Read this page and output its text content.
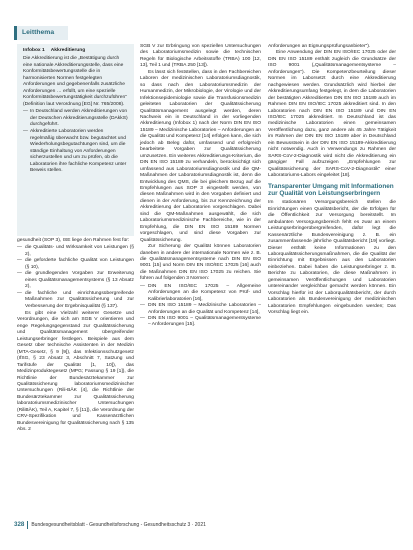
Leitthema
Infobox 1 Akkreditierung

Die Akkreditierung ist die „Bestätigung durch eine nationale Akkreditierungsstelle, dass eine Konformitätsbewertungsstelle die in harmonisierten Normen festgelegten Anforderungen und gegebenenfalls zusätzliche Anforderungen … erfüllt, um eine spezielle Konformitätsbewertungstätigkeit durchzuführen“ (Definition laut Verordnung [EG] Nr. 765/2008).

— In Deutschland werden Akkreditierungen von der Deutschen Akkreditierungsstelle (DAkkS) durchgeführt.
— Akkreditierte Laboratorien werden regelmäßig überwacht bzw. begutachtet und Wiederholungsbegutachtungen sind, um die ständige Einhaltung von Anforderungen sicherzustellen und um zu prüfen, ob die Laboratorien ihre fachliche Kompetenz unter Beweis stellen.

gesundheit (SOP 3), ISE liege den Rahmen fest für:

— die Qualitäts- und Wirksamkeit von Leistungen (§ 2),
— die geforderte fachliche Qualität von Leistungen (§ 10),
— die grundlegenden Vorgaben zur Erweiterung eines Qualitätsmanagementsystems (§ 13 Absatz 2),
— die fachliche und einrichtungsübergreifende Maßnahmen zur Qualitätssicherung und zur Verbesserung der Ergebnisqualität (§ 137).

Es gibt eine Vielzahl weiterer Gesetze und Verordnungen, die sich am SGB V orientieren und enge Regelungsgegenstand zur Qualitätssicherung und Qualitätsmanagement übergreifender Leistungserbringer festlegen. Beispiele aus dem Gesetz über technische Assistenten in der Medizin (MTA-Gesetz, § 9 [9]), das Infektionsschutzgesetz (IfSG, § 23 Absatz 3, Abschnitt 7, Satzung und Tarifstufe der Qualität [1, 10]), das Medizinproduktegesetz (MPG; Fassung § 19 [1]), die Richtlinie der Bundesärztekammer zur Qualitätssicherung laboratoriumsmedizinischer Untersuchungen (Rili-BÄK [4], die Richtlinie der Bundesärztekammer zur Qualitätssicherung laboratoriumsmedizinischer Untersuchungen (RiliBÄK), Teil A, Kapitel 7, § [11]), die Verordnung der CRV-Spezifikation und Kassenärztlichen Bundesvereinigung für Qualitätssicherung nach § 135 Abs. 2

SGB V zur Erbringung von speziellen Untersuchungen des Laboratoriumsmedizin sowie die technischen Regeln für Biologische Arbeitsstoffe (TRBA) 100 [12, 13], Teil 1 und (TRBA 250 [13]).

Es lässt sich feststellen, dass in den Fachbereichen Laboren der medizinischen Laboratoriumsdiagnostik, so dass nach den Laboratoriumsmedizin der Humanmedizin, der Mikrobiologie, der Virologie und der Infektionsepidemiologie sowie die Transfusionsmedizin geleiteten Laboratorien der Qualitätssicherung Qualitätsmanagement ausgelegt werden, deren Nachweis ein in Deutschland in der vorliegenden Akkreditierung (Infobox 1) nach der Norm DIN EN ISO 15189 – Medizinische Laboratorien – Anforderungen an die Qualität und Kompetenz [14] erfolgen kann, die sich jedoch ab Beleg dafür, umfassend und erfolgreich bearbeitete Vorgaben zur Qualitätssicherung umzusetzen. Ein weiteres Akkreditierungs-Kriterium, die DIN EN ISO 15189 zu verhandeln, berücksichtigt sich umfassend aus Laboratoriumsdiagnostik und die QM-Maßnahmen der Laboratoriumsdiagnostik ist, denn die Entwicklung des QMS, die bei gleichem Bezug auf die Empfehlungen aus SOP 3 eingestellt werden, von diesen Maßnahmen wird in den Vorgaben definiert und dienen in der Anforderung, bis zur Kennzeichnung der Akkreditierung der Laboratorien vorgeschlagen. Dabei sind die QM-Maßnahmen ausgewählt, die sich Laboratoriumsmedizinische Fachbereiche, wie in der Empfehlung, die DIN EN ISO 15189 Normen vorgeschlagen, und sind diese Vorgaben zur Qualitätssicherung.

Zur Sicherung der Qualität können Laboratorien daneben in andere der internationale Normen wie z. B. die Qualitätsmanagementsysteme nach DIN EN ISO 9001 [15] und Norm DIN EN ISO/IEC 17025 [16] auch die Maßnahmen DIN EN ISO 17025 zu reichen. Sie führen auf folgenden 3 Normen:

— DIN EN ISO/IEC 17025 – Allgemeine Anforderungen an die Kompetenz von Prüf- und Kalibrierlaboratorien [16],
— DIN EN ISO 15189 – Medizinische Laboratorien – Anforderungen an die Qualität und Kompetenz [14],
— DIN EN ISO 9001 – Qualitätsmanagementsysteme – Anforderungen [15].

Anforderungen an Eignungsprüfungsanbieter“).

Eine Anwendung der DIN EN ISO/IEC 17025 oder der DIN EN ISO 15189 enthält zugleich die Grundsätze der ISO 9001 („Qualitätsmanagementsysteme – Anforderungen“). Die Kompetenzbeurteilung dieser Normen im Laborsetzt durch eine Akkreditierung nachgewiesen werden. Grundsätzlich wird hierbei der Akkreditierungsumfang festgelegt, in dem die Laboratorien der bestätigten Akkreditierten DIN EN ISO 15189 auch im Rahmen DIN EN ISO/IEC 17025 akkreditiert sind. In den Laboratorien nach DIN EN ISO 15189 und DIN EN ISO/IEC 17025 akkreditiert. In Deutschland ist das medizinische Laboratorien einen gemeinsamen Veröffentlichung dazu, ganz andere als 45 Jahre Tätigkeit im Rahmen der DIN EN ISO 15189 aber in Deutschland ein Bewusstsein in der DIN EN ISO 15189-Akkreditierung nicht notwendig. Auch in Verwendungs zu Rahmen der SARS-CoV-2-Diagnostik wird nicht die Akkreditierung ein gängiger Fall aufzuzeigen „Empfehlungen zur Qualitätssicherung der SARS-CoV-2-Diagnostik“ einer Laboratoriums-Labors eingeleitet [18].

Transparenter Umgang mit Informationen zur Qualität von Leistungserbringern

Im stationären Versorgungsbereich stellen die Einrichtungen einen Qualitätsbericht, der die Erfolgen für die Öffentlichkeit zur Versorgung bereitstellt. Im ambulanten Versorgungsbereich fehlt es zwar an einem Leistungserbringerübergreifenden, dafür legt die Kassenärztliche Bundesvereinigung z. B. ein zusammenfassende jährliche Qualitätsbericht [19] vorliegt. Dieser enthält keine Informationen zu den Laborqualitätssicherungsmaßnahmen, die die Qualität der Einrichtung mit Ergebnissen aus den Laboratorien einbeziehen. Dabei haben die Leistungserbringer z. B. Berichte zu Laboratorien, die diese Maßnahmen in gemeinsamen Veröffentlichungen und Laboratorien untereinander vergleichbar gemacht werden können. Ein Vorschlag hierfür ist der Laborqualitätsbericht, der durch Laboratorien als Bundesvereinigung der medizinischen Laboratorien Empfehlungen eingebunden werden; Das Vorschlag liegt ein.

328 Bundesgesundheitsblatt - Gesundheitsforschung - Gesundheitsschutz 3 · 2021
